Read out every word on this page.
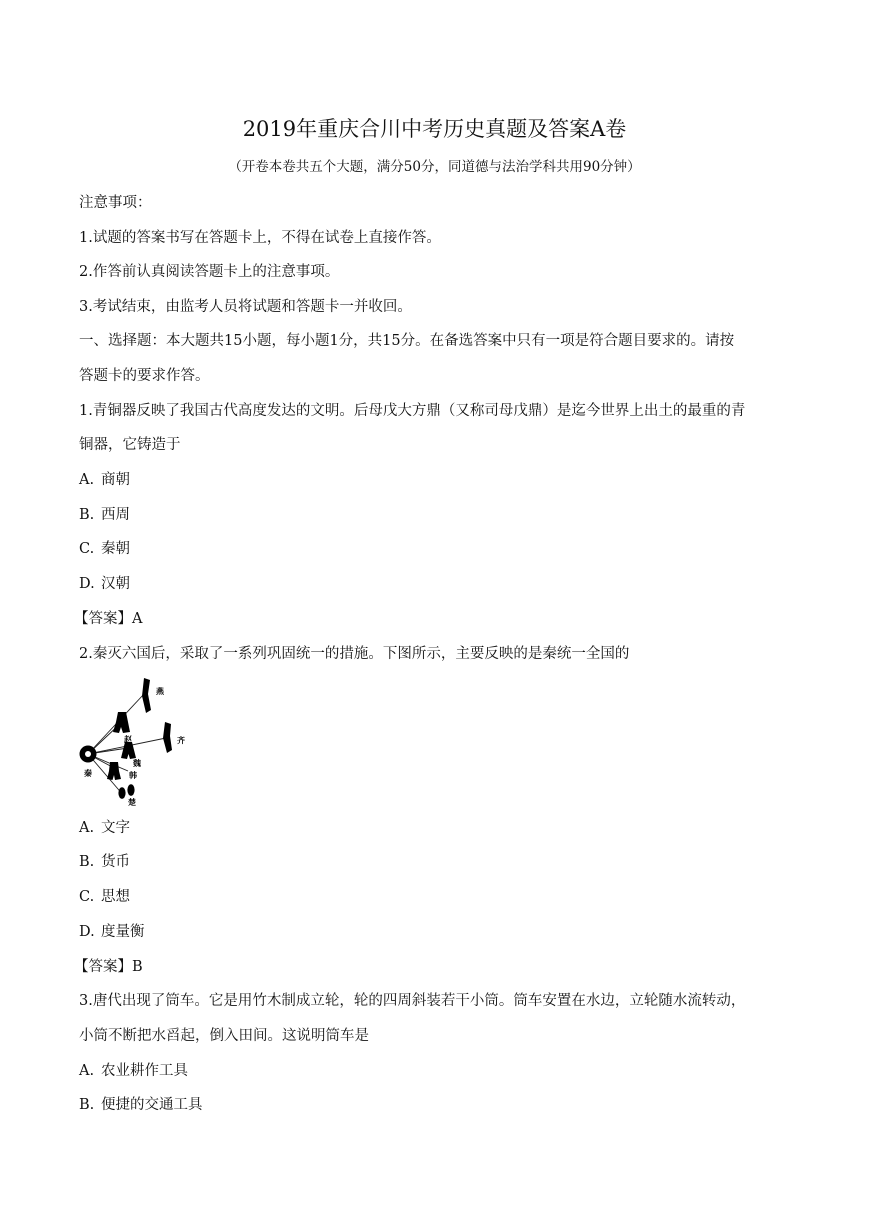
2019年重庆合川中考历史真题及答案A卷
（开卷本卷共五个大题，满分50分，同道德与法治学科共用90分钟）
注意事项：
1.试题的答案书写在答题卡上，不得在试卷上直接作答。
2.作答前认真阅读答题卡上的注意事项。
3.考试结束，由监考人员将试题和答题卡一并收回。
一、选择题：本大题共15小题，每小题1分，共15分。在备选答案中只有一项是符合题目要求的。请按
答题卡的要求作答。
1.青铜器反映了我国古代高度发达的文明。后母戊大方鼎（又称司母戊鼎）是迄今世界上出土的最重的青
铜器，它铸造于
A. 商朝
B. 西周
C. 秦朝
D. 汉朝
【答案】A
2.秦灭六国后，采取了一系列巩固统一的措施。下图所示，主要反映的是秦统一全国的
燕
赵	齐
魏
韩
秦
楚
A. 文字
B. 货币
C. 思想
D. 度量衡
【答案】B
3.唐代出现了筒车。它是用竹木制成立轮，轮的四周斜装若干小筒。筒车安置在水边，立轮随水流转动，
小筒不断把水舀起，倒入田间。这说明筒车是
A. 农业耕作工具
B. 便捷的交通工具
